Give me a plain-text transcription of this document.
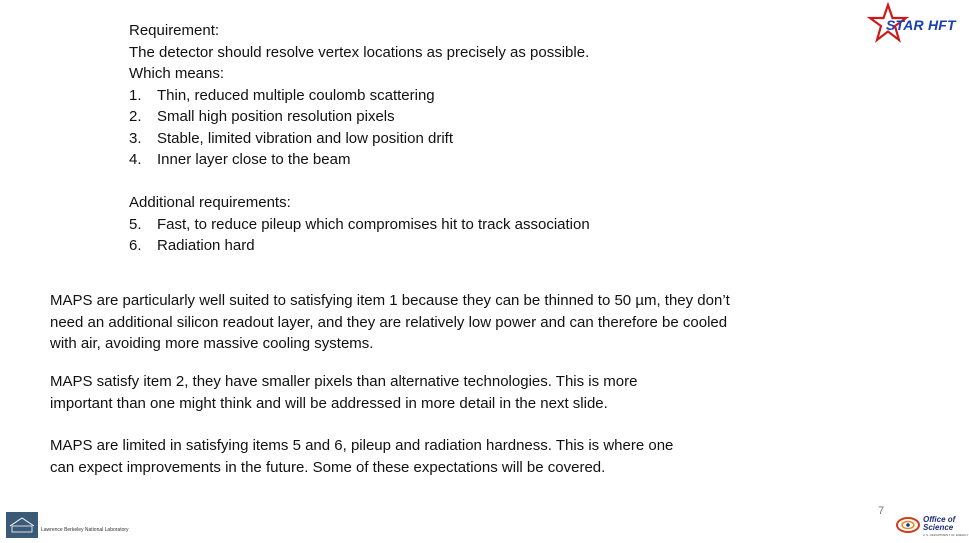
STAR HFT
Requirement:
The detector should resolve vertex locations as precisely as possible.
Which means:
1. Thin, reduced multiple coulomb scattering
2. Small high position resolution pixels
3. Stable, limited vibration and low position drift
4. Inner layer close to the beam
Additional requirements:
5. Fast, to reduce pileup which compromises hit to track association
6. Radiation hard
MAPS are particularly well suited to satisfying item 1 because they can be thinned to 50 µm, they don’t
need an additional silicon readout layer, and they are relatively low power and can therefore be cooled
with air, avoiding more massive cooling systems.
MAPS satisfy item 2, they have smaller pixels than alternative technologies. This is more
important than one might think and will be addressed in more detail in the next slide.
MAPS are limited in satisfying items 5 and 6, pileup and radiation hardness. This is where one
can expect improvements in the future. Some of these expectations will be covered.
7
Lawrence Berkeley National Laboratory
Office of
Science
U.S. DEPARTMENT OF ENERGY
